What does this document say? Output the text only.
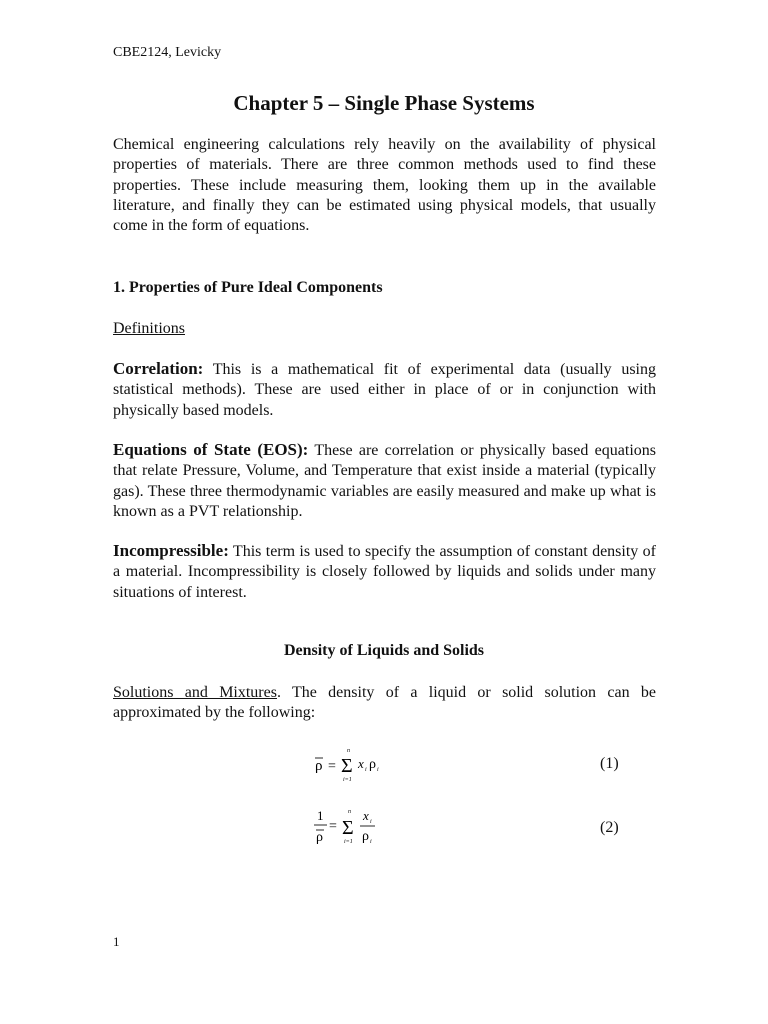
CBE2124, Levicky
Chapter 5 – Single Phase Systems

Chemical engineering calculations rely heavily on the availability of physical properties of materials. There are three common methods used to find these properties. These include measuring them, looking them up in the available literature, and finally they can be estimated using physical models, that usually come in the form of equations.

1. Properties of Pure Ideal Components
Definitions

Correlation: This is a mathematical fit of experimental data (usually using statistical methods). These are used either in place of or in conjunction with physically based models.

Equations of State (EOS): These are correlation or physically based equations that relate Pressure, Volume, and Temperature that exist inside a material (typically gas). These three thermodynamic variables are easily measured and make up what is known as a PVT relationship.

Incompressible: This term is used to specify the assumption of constant density of a material. Incompressibility is closely followed by liquids and solids under many situations of interest.

Density of Liquids and Solids

Solutions and Mixtures. The density of a liquid or solid solution can be approximated by the following:

ρ =
n
Σ
i=1
x i ρ i	(1)
1
ρ
=
n
Σ
i=1
x i
ρ i
(2)
1
